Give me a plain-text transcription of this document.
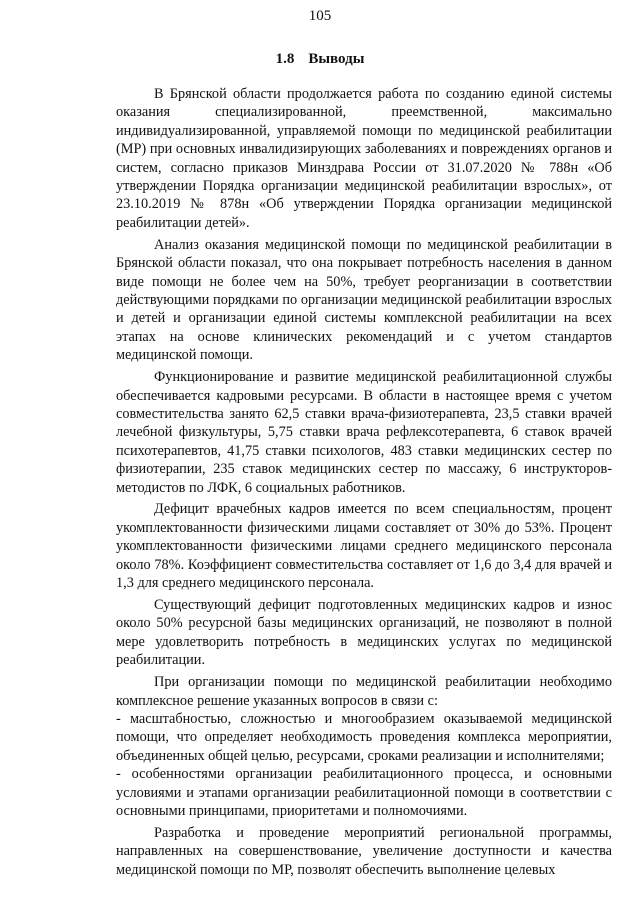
105
1.8 Выводы

В Брянской области продолжается работа по созданию единой системы оказания специализированной, преемственной, максимально индивидуализированной, управляемой помощи по медицинской реабилитации (МР) при основных инвалидизирующих заболеваниях и повреждениях органов и систем, согласно приказов Минздрава России от 31.07.2020 № 788н «Об утверждении Порядка организации медицинской реабилитации взрослых», от 23.10.2019 № 878н «Об утверждении Порядка организации медицинской реабилитации детей».

Анализ оказания медицинской помощи по медицинской реабилитации в Брянской области показал, что она покрывает потребность населения в данном виде помощи не более чем на 50%, требует реорганизации в соответствии действующими порядками по организации медицинской реабилитации взрослых и детей и организации единой системы комплексной реабилитации на всех этапах на основе клинических рекомендаций и с учетом стандартов медицинской помощи.

Функционирование и развитие медицинской реабилитационной службы обеспечивается кадровыми ресурсами. В области в настоящее время с учетом совместительства занято 62,5 ставки врача-физиотерапевта, 23,5 ставки врачей лечебной физкультуры, 5,75 ставки врача рефлексотерапевта, 6 ставок врачей психотерапевтов, 41,75 ставки психологов, 483 ставки медицинских сестер по физиотерапии, 235 ставок медицинских сестер по массажу, 6 инструкторов-методистов по ЛФК, 6 социальных работников.

Дефицит врачебных кадров имеется по всем специальностям, процент укомплектованности физическими лицами составляет от 30% до 53%. Процент укомплектованности физическими лицами среднего медицинского персонала около 78%. Коэффициент совместительства составляет от 1,6 до 3,4 для врачей и 1,3 для среднего медицинского персонала.

Существующий дефицит подготовленных медицинских кадров и износ около 50% ресурсной базы медицинских организаций, не позволяют в полной мере удовлетворить потребность в медицинских услугах по медицинской реабилитации.

При организации помощи по медицинской реабилитации необходимо комплексное решение указанных вопросов в связи с:

- масштабностью, сложностью и многообразием оказываемой медицинской помощи, что определяет необходимость проведения комплекса мероприятии, объединенных общей целью, ресурсами, сроками реализации и исполнителями;

- особенностями организации реабилитационного процесса, и основными условиями и этапами организации реабилитационной помощи в соответствии с основными принципами, приоритетами и полномочиями.

Разработка и проведение мероприятий региональной программы, направленных на совершенствование, увеличение доступности и качества медицинской помощи по МР, позволят обеспечить выполнение целевых
